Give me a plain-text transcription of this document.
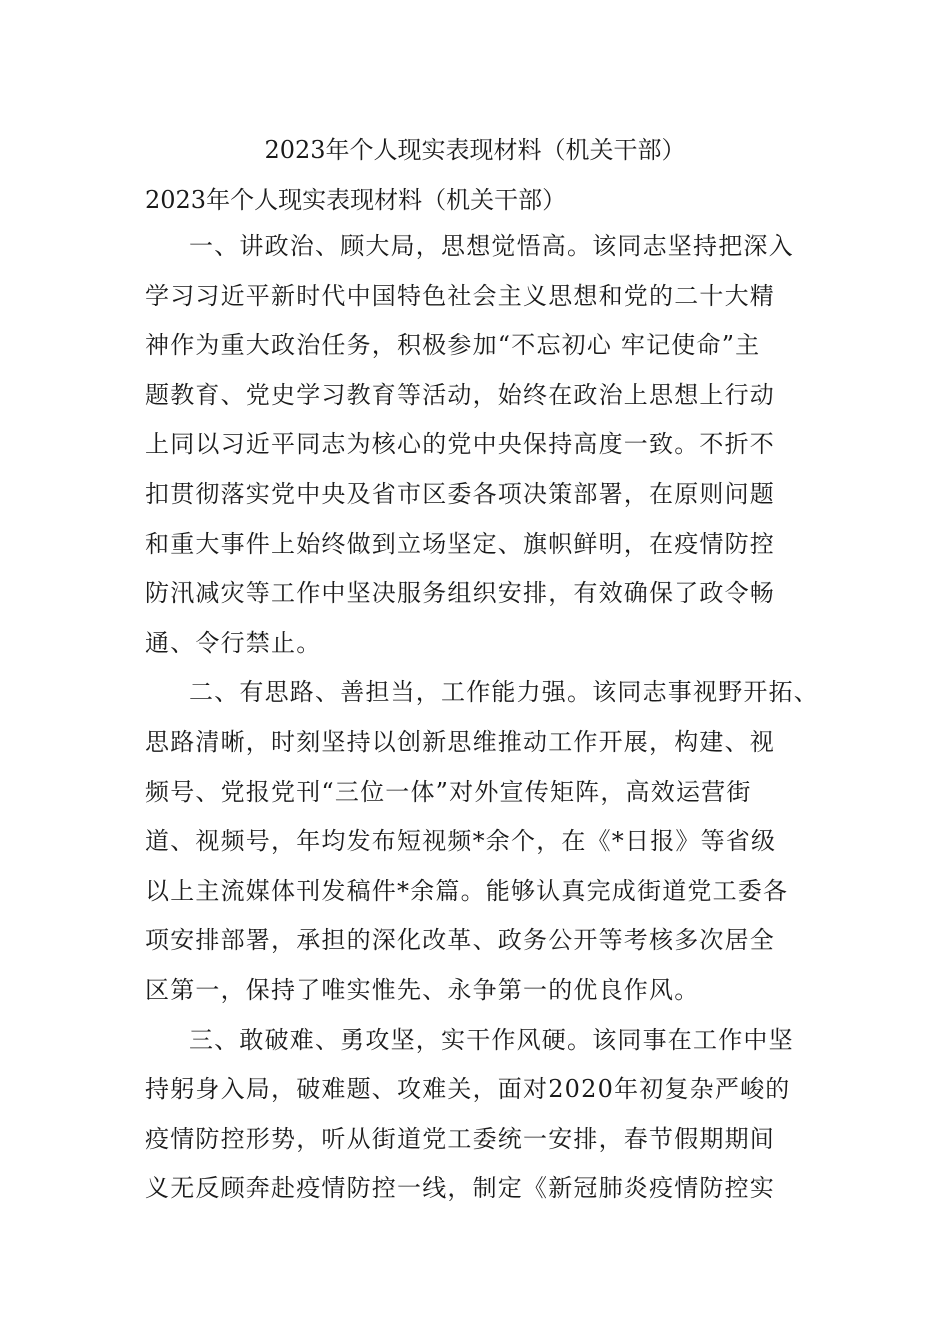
2023年个人现实表现材料（机关干部）

2023年个人现实表现材料（机关干部）

一、讲政治、顾大局，思想觉悟高。该同志坚持把深入
学习习近平新时代中国特色社会主义思想和党的二十大精
神作为重大政治任务，积极参加“不忘初心 牢记使命”主
题教育、党史学习教育等活动，始终在政治上思想上行动
上同以习近平同志为核心的党中央保持高度一致。不折不
扣贯彻落实党中央及省市区委各项决策部署，在原则问题
和重大事件上始终做到立场坚定、旗帜鲜明，在疫情防控
防汛减灾等工作中坚决服务组织安排，有效确保了政令畅
通、令行禁止。

二、有思路、善担当，工作能力强。该同志事视野开拓、
思路清晰，时刻坚持以创新思维推动工作开展，构建、视
频号、党报党刊“三位一体”对外宣传矩阵，高效运营街
道、视频号，年均发布短视频*余个，在《*日报》等省级
以上主流媒体刊发稿件*余篇。能够认真完成街道党工委各
项安排部署，承担的深化改革、政务公开等考核多次居全
区第一，保持了唯实惟先、永争第一的优良作风。

三、敢破难、勇攻坚，实干作风硬。该同事在工作中坚
持躬身入局，破难题、攻难关，面对2020年初复杂严峻的
疫情防控形势，听从街道党工委统一安排，春节假期期间
义无反顾奔赴疫情防控一线，制定《新冠肺炎疫情防控实
